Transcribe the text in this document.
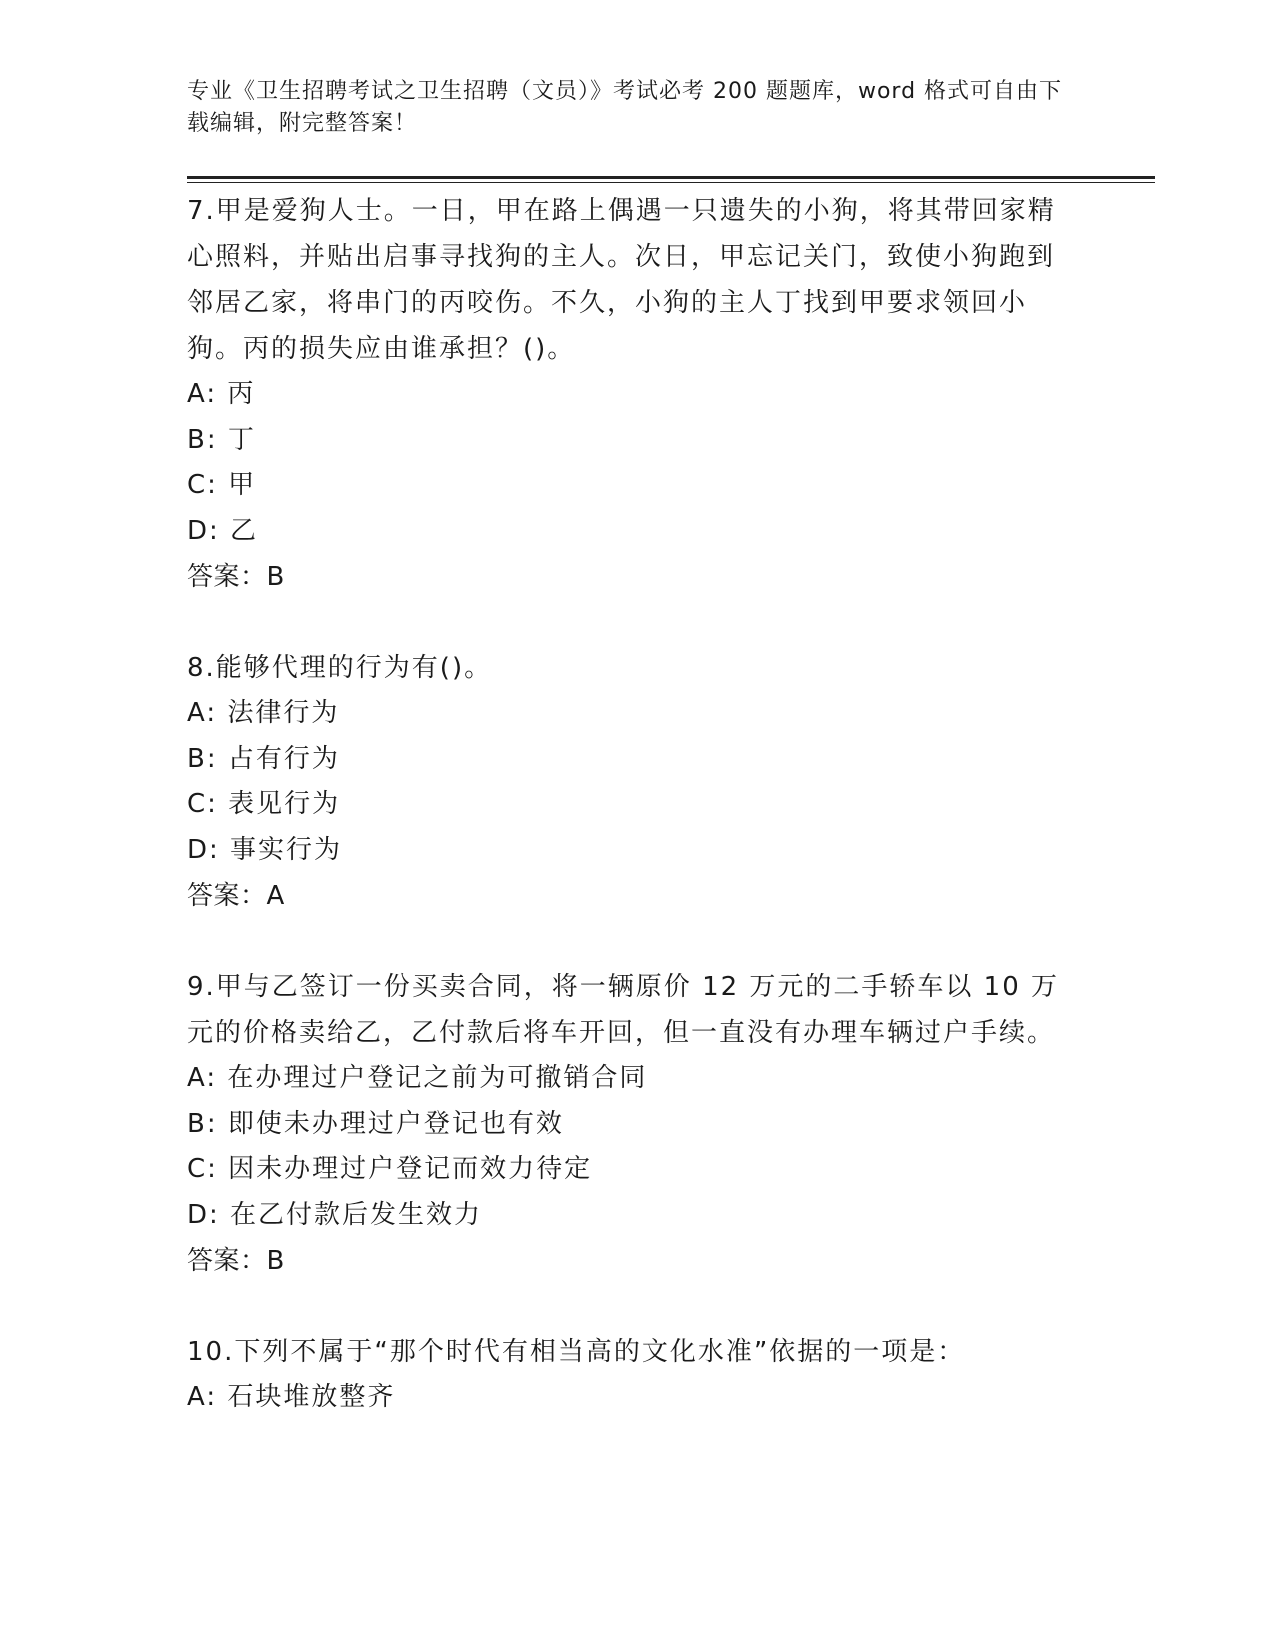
专业《卫生招聘考试之卫生招聘（文员）》考试必考 200 题题库，word 格式可自由下载编辑，附完整答案！

7.甲是爱狗人士。一日，甲在路上偶遇一只遗失的小狗，将其带回家精心照料，并贴出启事寻找狗的主人。次日，甲忘记关门，致使小狗跑到邻居乙家，将串门的丙咬伤。不久，小狗的主人丁找到甲要求领回小狗。丙的损失应由谁承担？()。

A: 丙

B: 丁

C: 甲

D: 乙

答案：B

8.能够代理的行为有()。

A: 法律行为

B: 占有行为

C: 表见行为

D: 事实行为

答案：A

9.甲与乙签订一份买卖合同，将一辆原价 12 万元的二手轿车以 10 万元的价格卖给乙，乙付款后将车开回，但一直没有办理车辆过户手续。

A: 在办理过户登记之前为可撤销合同

B: 即使未办理过户登记也有效

C: 因未办理过户登记而效力待定

D: 在乙付款后发生效力

答案：B

10.下列不属于“那个时代有相当高的文化水准”依据的一项是：

A: 石块堆放整齐
